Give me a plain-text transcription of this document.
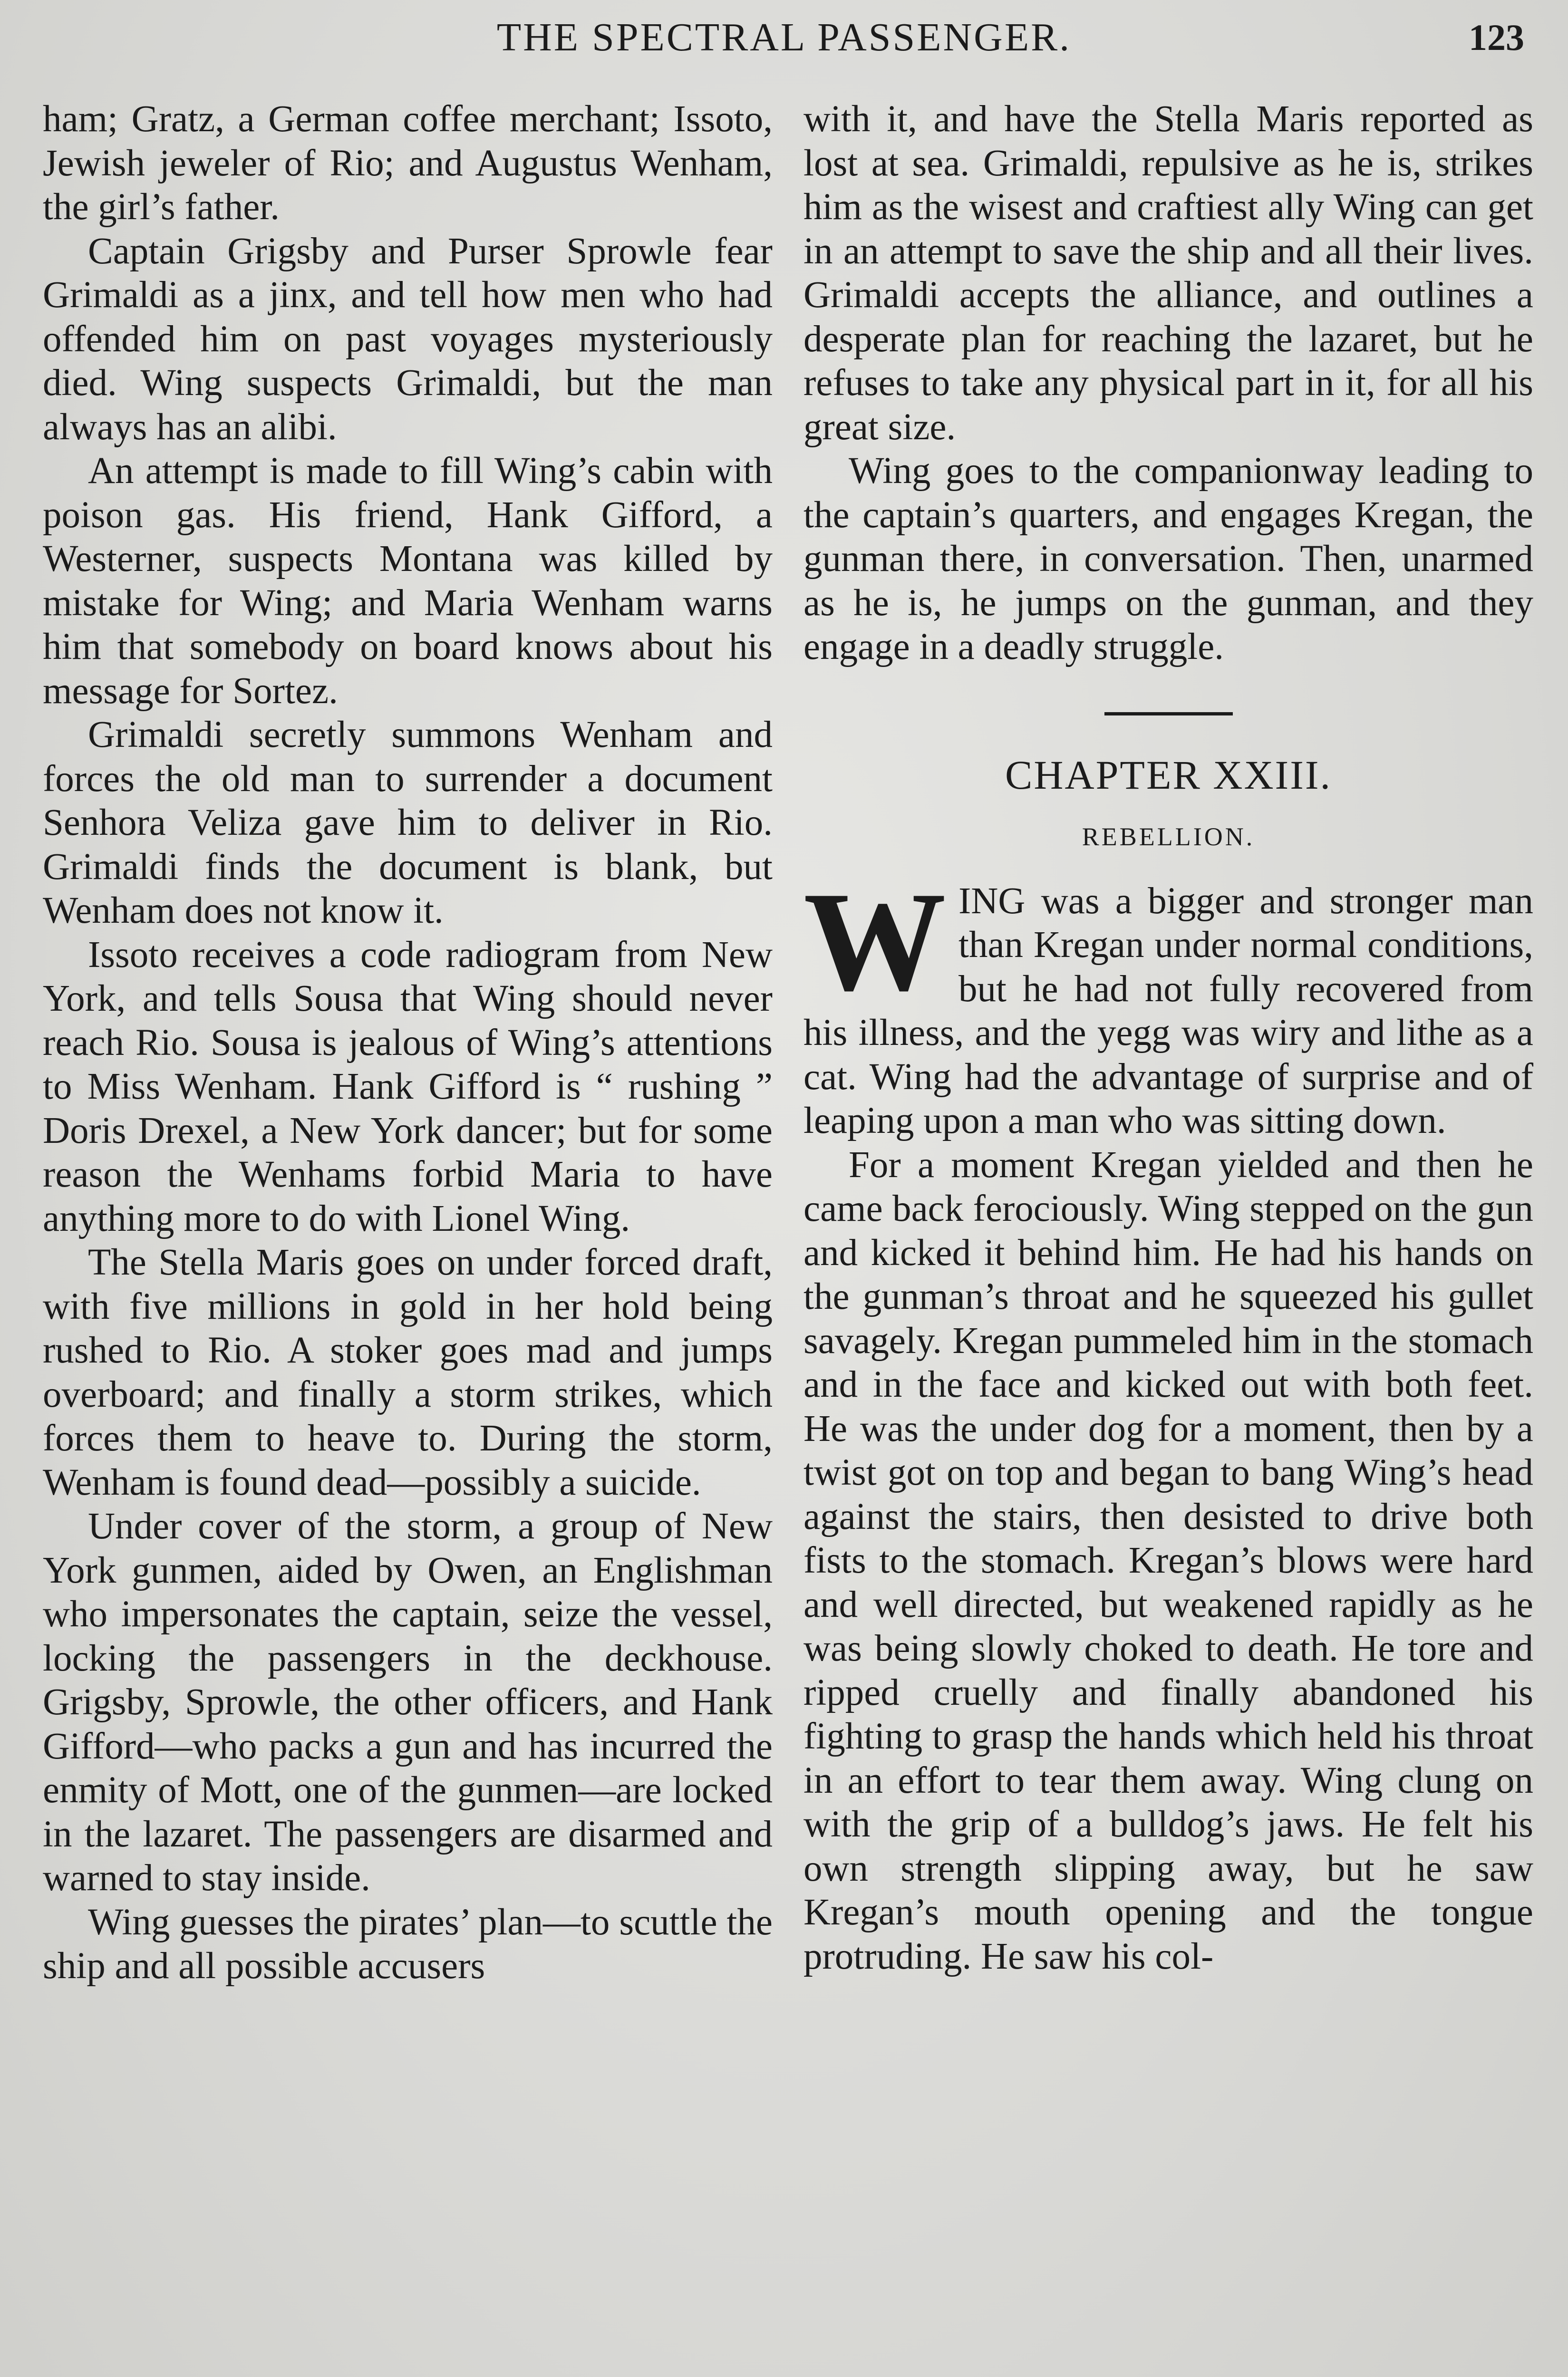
THE SPECTRAL PASSENGER.	123

ham; Gratz, a German coffee merchant; Issoto, Jewish jeweler of Rio; and Augustus Wenham, the girl’s father.

Captain Grigsby and Purser Sprowle fear Grimaldi as a jinx, and tell how men who had offended him on past voyages mysteriously died. Wing suspects Grimaldi, but the man always has an alibi.

An attempt is made to fill Wing’s cabin with poison gas. His friend, Hank Gifford, a Westerner, suspects Montana was killed by mistake for Wing; and Maria Wenham warns him that somebody on board knows about his message for Sortez.

Grimaldi secretly summons Wenham and forces the old man to surrender a document Senhora Veliza gave him to deliver in Rio. Grimaldi finds the document is blank, but Wenham does not know it.

Issoto receives a code radiogram from New York, and tells Sousa that Wing should never reach Rio. Sousa is jealous of Wing’s attentions to Miss Wenham. Hank Gifford is “ rushing ” Doris Drexel, a New York dancer; but for some reason the Wenhams forbid Maria to have anything more to do with Lionel Wing.

The Stella Maris goes on under forced draft, with five millions in gold in her hold being rushed to Rio. A stoker goes mad and jumps overboard; and finally a storm strikes, which forces them to heave to. During the storm, Wenham is found dead—possibly a suicide.

Under cover of the storm, a group of New York gunmen, aided by Owen, an Englishman who impersonates the captain, seize the vessel, locking the passengers in the deckhouse. Grigsby, Sprowle, the other officers, and Hank Gifford—who packs a gun and has incurred the enmity of Mott, one of the gunmen—are locked in the lazaret. The passengers are disarmed and warned to stay inside.

Wing guesses the pirates’ plan—to scuttle the ship and all possible accusers

with it, and have the Stella Maris reported as lost at sea. Grimaldi, repulsive as he is, strikes him as the wisest and craftiest ally Wing can get in an attempt to save the ship and all their lives. Grimaldi accepts the alliance, and outlines a desperate plan for reaching the lazaret, but he refuses to take any physical part in it, for all his great size.

Wing goes to the companionway leading to the captain’s quarters, and engages Kregan, the gunman there, in conversation. Then, unarmed as he is, he jumps on the gunman, and they engage in a deadly struggle.

CHAPTER XXIII.
REBELLION.

WING was a bigger and stronger man than Kregan under normal conditions, but he had not fully recovered from his illness, and the yegg was wiry and lithe as a cat. Wing had the advantage of surprise and of leaping upon a man who was sitting down.

For a moment Kregan yielded and then he came back ferociously. Wing stepped on the gun and kicked it behind him. He had his hands on the gunman’s throat and he squeezed his gullet savagely. Kregan pummeled him in the stomach and in the face and kicked out with both feet. He was the under dog for a moment, then by a twist got on top and began to bang Wing’s head against the stairs, then desisted to drive both fists to the stomach. Kregan’s blows were hard and well directed, but weakened rapidly as he was being slowly choked to death. He tore and ripped cruelly and finally abandoned his fighting to grasp the hands which held his throat in an effort to tear them away. Wing clung on with the grip of a bulldog’s jaws. He felt his own strength slipping away, but he saw Kregan’s mouth opening and the tongue protruding. He saw his col-
